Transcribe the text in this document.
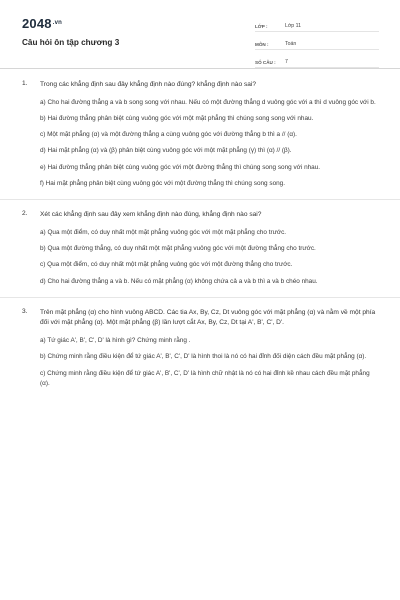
$2048^{.vn}$
Câu hỏi ôn tập chương 3
LỚP :	Lớp 11
MÔN :	Toán
SỐ CÂU :	7
1. Trong các khẳng định sau đây khẳng định nào đúng? khẳng định nào sai?

a) Cho hai đường thẳng a và b song song với nhau. Nếu có một đường thẳng d vuông góc với a thì d vuông góc với b.

b) Hai đường thẳng phân biệt cùng vuông góc với một mặt phẳng thì chúng song song với nhau.

c) Một mặt phẳng (α) và một đường thẳng a cùng vuông góc với đường thẳng b thì a // (α).

d) Hai mặt phẳng (α) và (β) phân biệt cùng vuông góc với một mặt phẳng (γ) thì (α) // (β).

e) Hai đường thẳng phân biệt cùng vuông góc với một đường thẳng thì chúng song song với nhau.

f) Hai mặt phẳng phân biệt cùng vuông góc với một đường thẳng thì chúng song song.

2. Xét các khẳng định sau đây xem khẳng định nào đúng, khẳng định nào sai?

a) Qua một điểm, có duy nhất một mặt phẳng vuông góc với một mặt phẳng cho trước.

b) Qua một đường thẳng, có duy nhất một mặt phẳng vuông góc với một đường thẳng cho trước.

c) Qua một điểm, có duy nhất một mặt phẳng vuông góc với một đường thẳng cho trước.

d) Cho hai đường thẳng a và b. Nếu có mặt phẳng (α) không chứa cả a và b thì a và b chéo nhau.

3. Trên mặt phẳng (α) cho hình vuông ABCD. Các tia Ax, By, Cz, Dt vuông góc với mặt phẳng (α) và nằm về một phía đối với mặt phẳng (α). Một mặt phẳng (β) lần lượt cắt Ax, By, Cz, Dt tại A', B', C', D'.

a) Tứ giác A', B', C', D' là hình gì? Chứng minh rằng .

b) Chứng minh rằng điều kiện để tứ giác A', B', C', D' là hình thoi là nó có hai đỉnh đối diện cách đều mặt phẳng (α).

c) Chứng minh rằng điều kiện để tứ giác A', B', C', D' là hình chữ nhật là nó có hai đỉnh kề nhau cách đều mặt phẳng (α).
